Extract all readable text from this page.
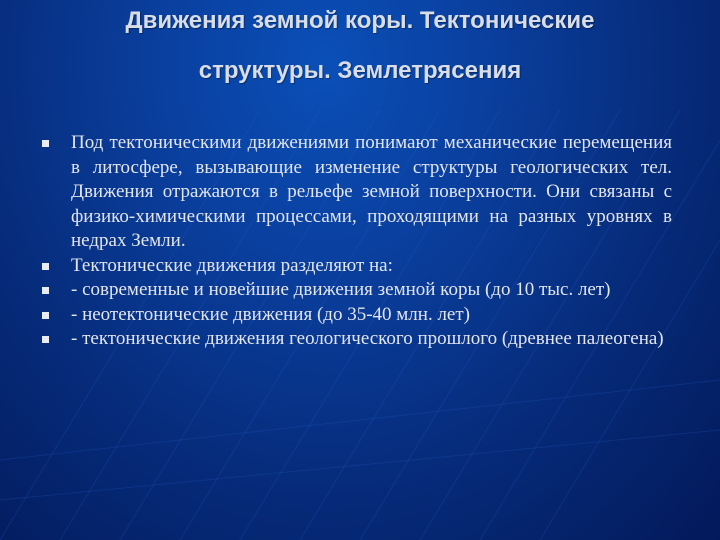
Движения земной коры. Тектонические
структуры. Землетрясения
Под тектоническими движениями понимают механические перемещения в литосфере, вызывающие изменение структуры геологических тел. Движения отражаются в рельефе земной поверхности. Они связаны с физико-химическими процессами, проходящими на разных уровнях в недрах Земли.
Тектонические движения разделяют на:
- современные и новейшие движения земной коры (до 10 тыс. лет)
- неотектонические движения (до 35-40 млн. лет)
- тектонические движения геологического прошлого (древнее палеогена)
